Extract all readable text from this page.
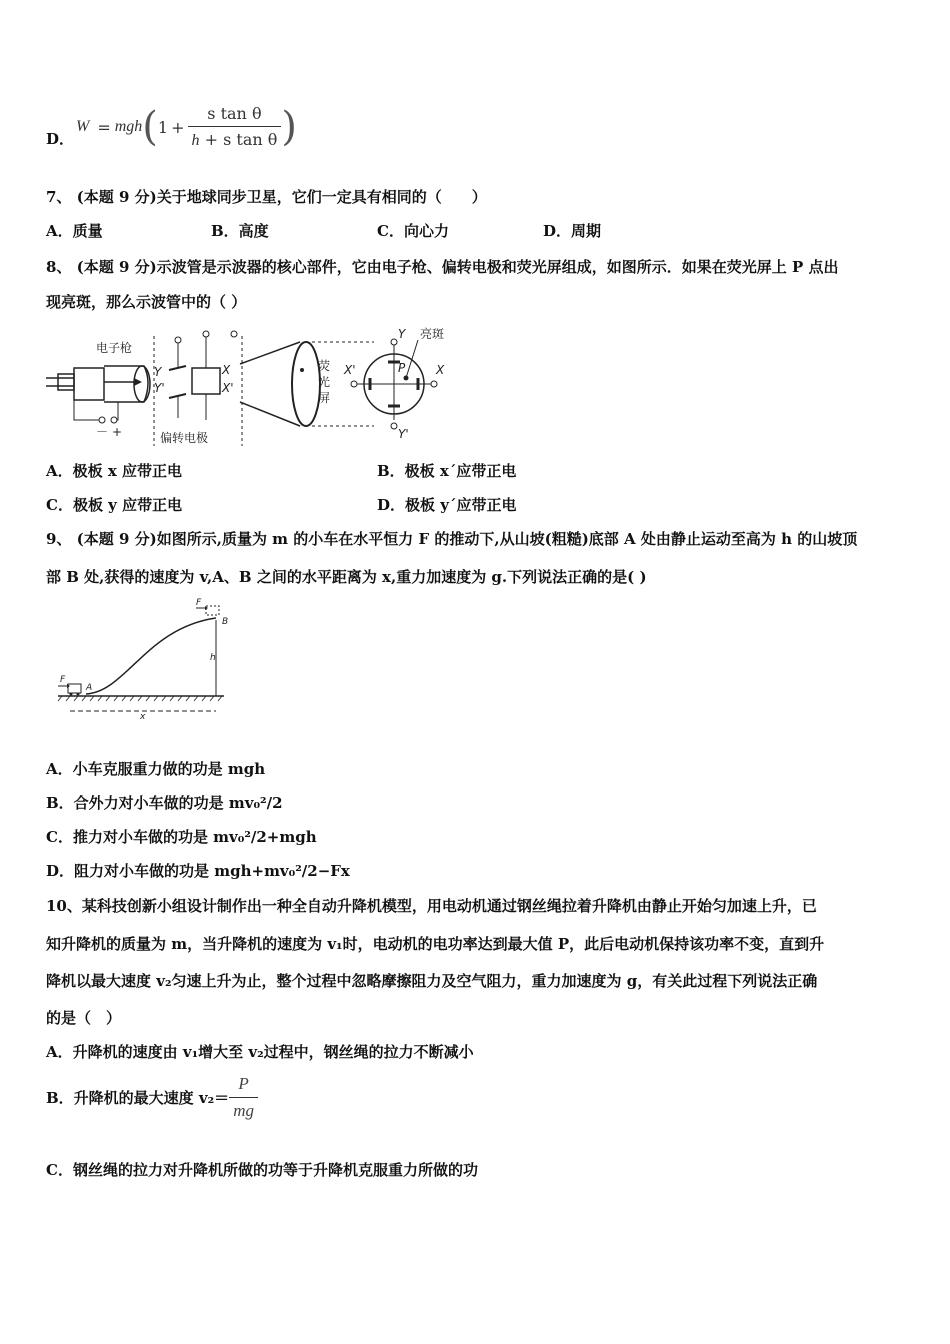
D．
W = mgh ( $1 + \frac{\text{s tan θ}}{\text{h + s tan θ}}$ )
7、 (本题 9 分)关于地球同步卫星，它们一定具有相同的（　　）
A．质量	B．高度	C．向心力	D．周期
8、 (本题 9 分)示波管是示波器的核心部件，它由电子枪、偏转电极和荧光屏组成，如图所示．如果在荧光屏上 P 点出
现亮斑，那么示波管中的（ ）
电子枪
－ +
Y
Y'
X
X'
偏转电极
荧
光
屏
Y
Y'
X'	X
P
亮斑
A．极板 x 应带正电	B．极板 x´应带正电
C．极板 y 应带正电	D．极板 y´应带正电
9、 (本题 9 分)如图所示,质量为 m 的小车在水平恒力 F 的推动下,从山坡(粗糙)底部 A 处由静止运动至高为 h 的山坡顶
部 B 处,获得的速度为 v,A、B 之间的水平距离为 x,重力加速度为 g.下列说法正确的是( )
F
A
F
B
h
x
A．小车克服重力做的功是 mgh
B．合外力对小车做的功是 mv₀²/2
C．推力对小车做的功是 mv₀²/2+mgh
D．阻力对小车做的功是 mgh+mv₀²/2−Fx
10、某科技创新小组设计制作出一种全自动升降机模型，用电动机通过钢丝绳拉着升降机由静止开始匀加速上升，已
知升降机的质量为 m，当升降机的速度为 v₁时，电动机的电功率达到最大值 P，此后电动机保持该功率不变，直到升
降机以最大速度 v₂匀速上升为止，整个过程中忽略摩擦阻力及空气阻力，重力加速度为 g，有关此过程下列说法正确
的是（　）
A．升降机的速度由 v₁增大至 v₂过程中，钢丝绳的拉力不断减小
B．升降机的最大速度 $v_2= \frac{P}{mg}$
C．钢丝绳的拉力对升降机所做的功等于升降机克服重力所做的功
